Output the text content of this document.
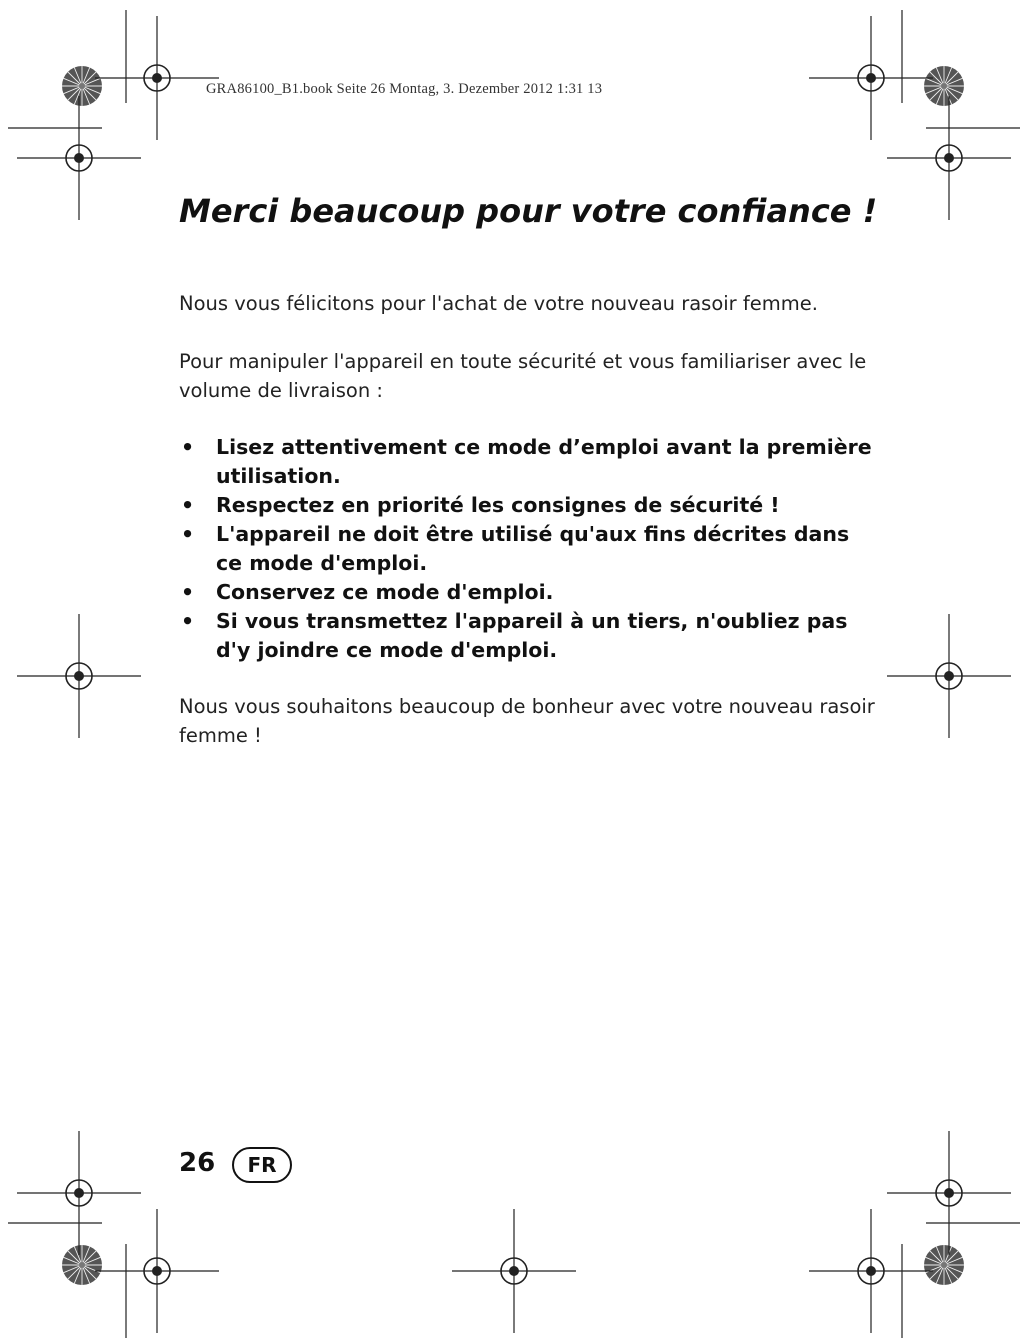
GRA86100_B1.book Seite 26 Montag, 3. Dezember 2012 1:31 13
Merci beaucoup pour votre confiance !

Nous vous félicitons pour l'achat de votre nouveau rasoir femme.

Pour manipuler l'appareil en toute sécurité et vous familiariser avec le volume de livraison :

• Lisez attentivement ce mode d’emploi avant la première utilisation.
• Respectez en priorité les consignes de sécurité !
• L'appareil ne doit être utilisé qu'aux fins décrites dans ce mode d'emploi.
• Conservez ce mode d'emploi.
• Si vous transmettez l'appareil à un tiers, n'oubliez pas d'y joindre ce mode d'emploi.

Nous vous souhaitons beaucoup de bonheur avec votre nouveau rasoir femme !

26	FR
